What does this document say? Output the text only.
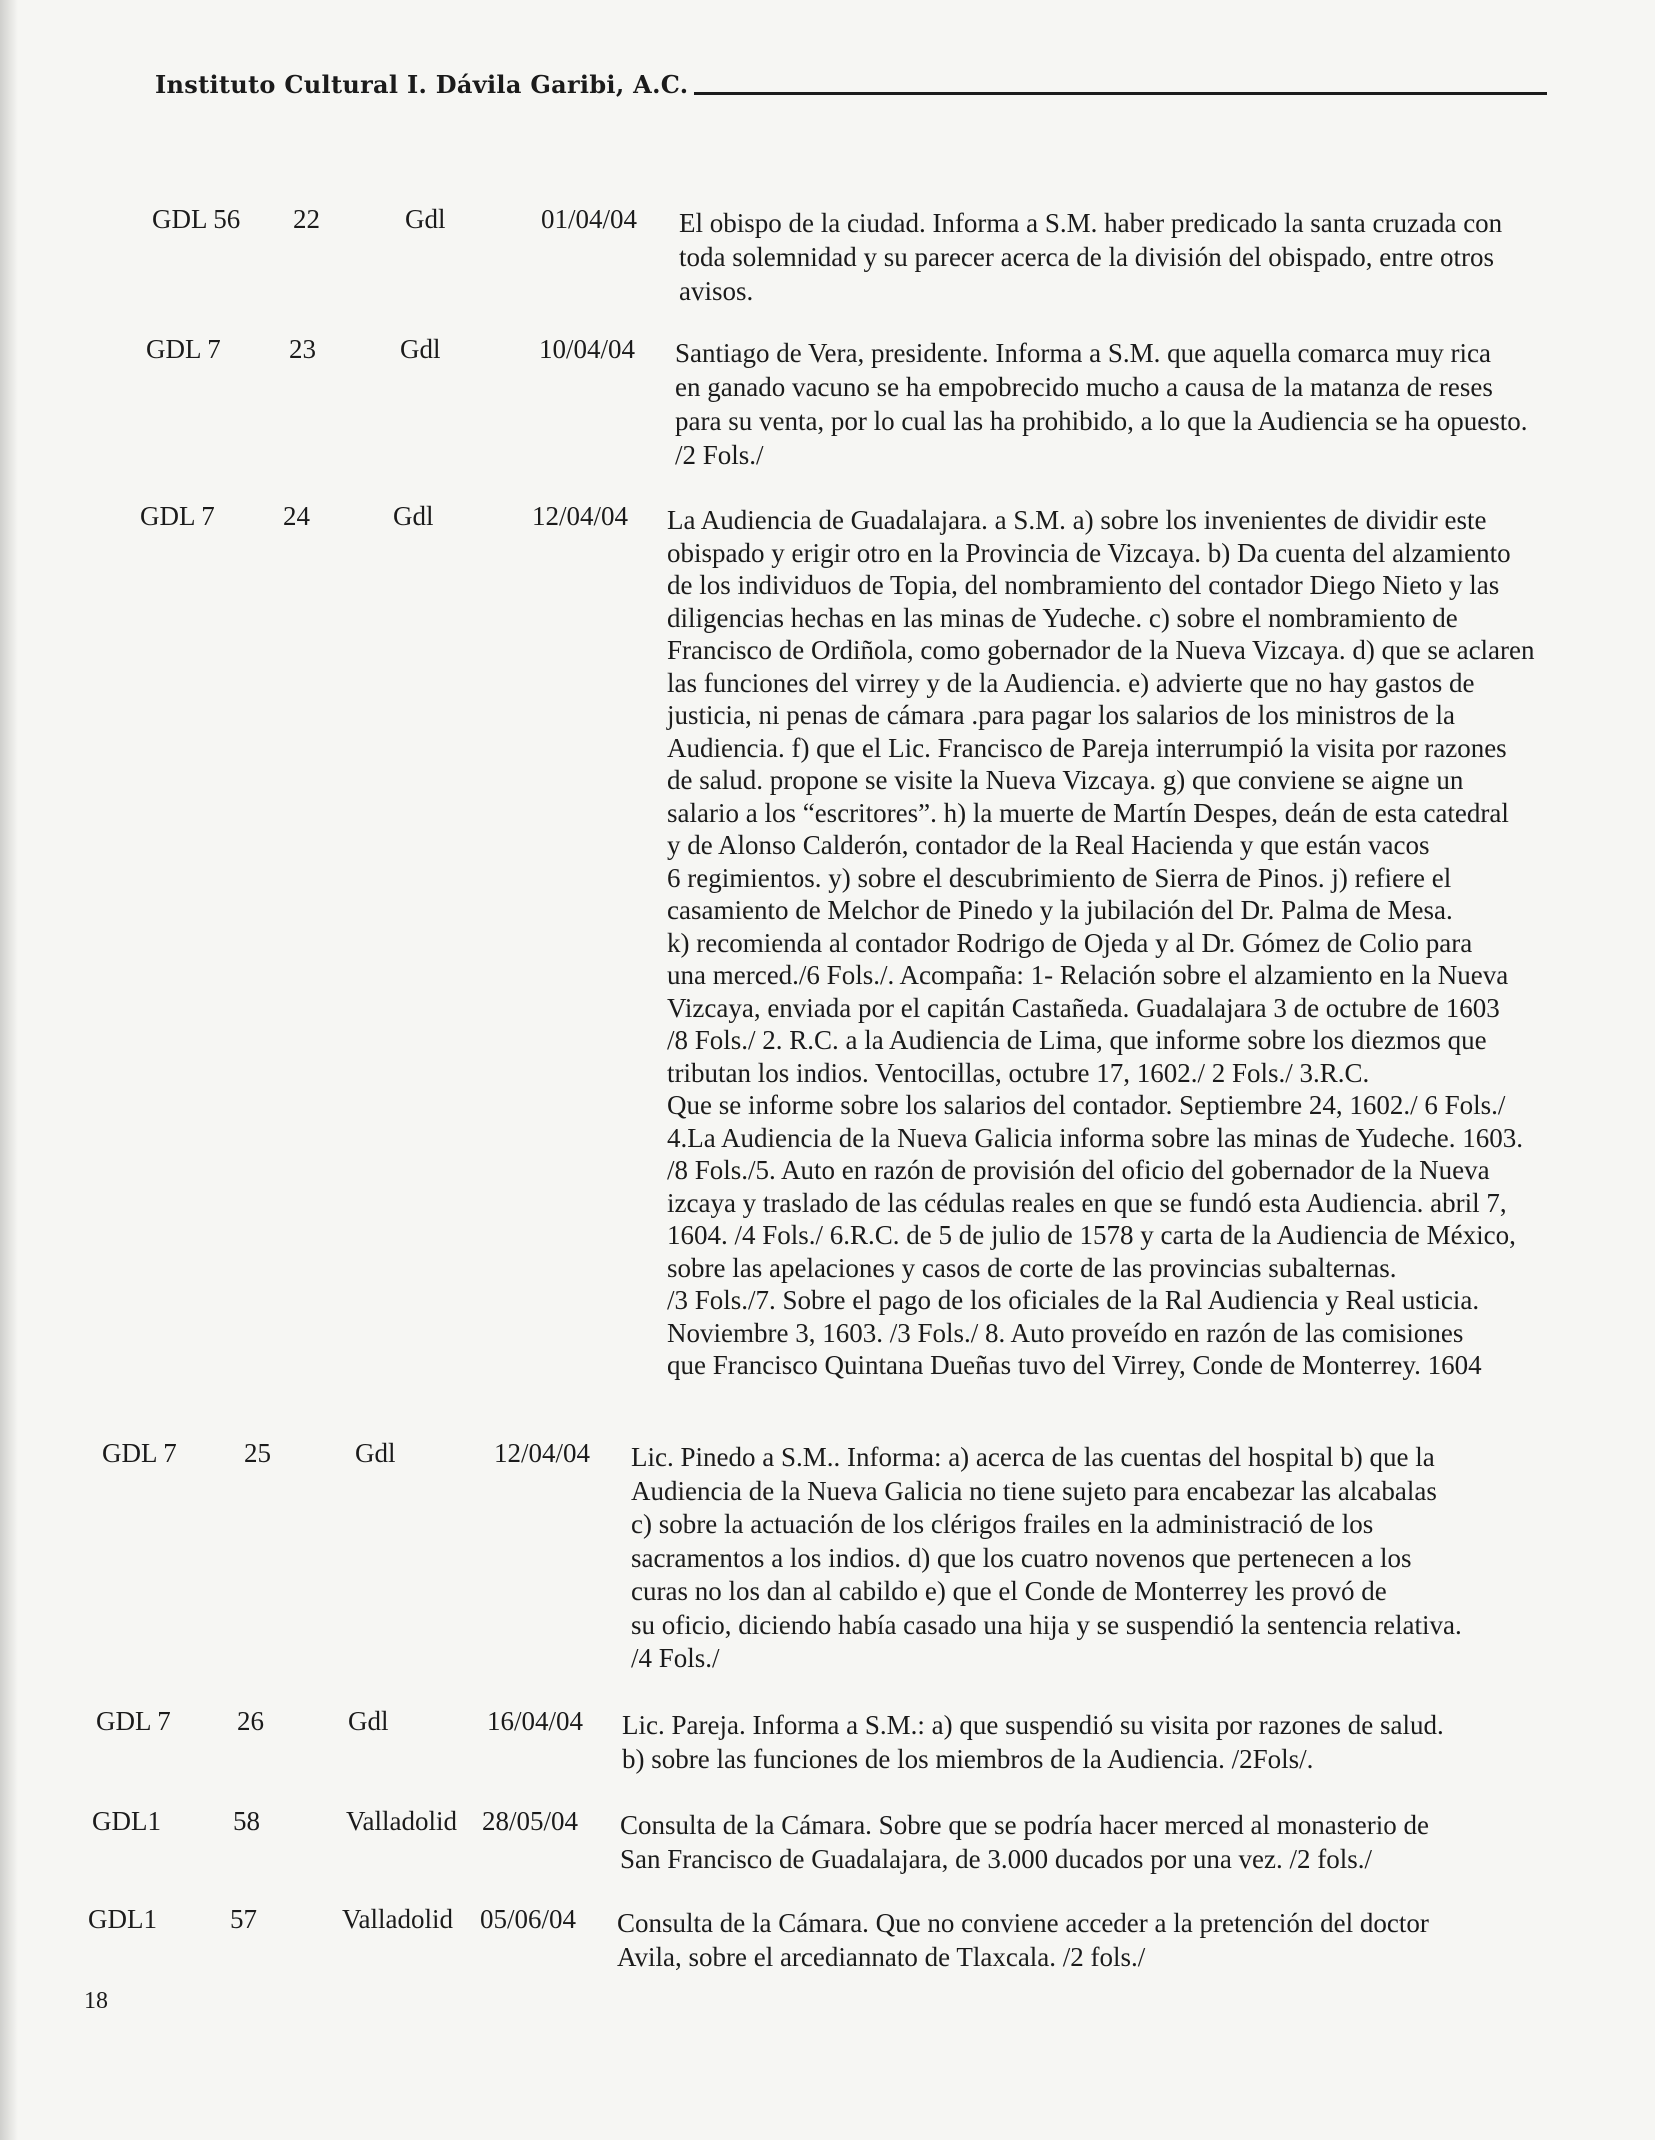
Instituto Cultural I. Dávila Garibi, A.C.
GDL 56 22	Gdl	01/04/04 El obispo de la ciudad. Informa a S.M. haber predicado la santa cruzada con
toda solemnidad y su parecer acerca de la división del obispado, entre otros
avisos.
GDL 7	23	Gdl	10/04/04 Santiago de Vera, presidente. Informa a S.M. que aquella comarca muy rica
en ganado vacuno se ha empobrecido mucho a causa de la matanza de reses
para su venta, por lo cual las ha prohibido, a lo que la Audiencia se ha opuesto.
/2 Fols./
GDL 7	24	Gdl	12/04/04 La Audiencia de Guadalajara. a S.M. a) sobre los invenientes de dividir este
obispado y erigir otro en la Provincia de Vizcaya. b) Da cuenta del alzamiento
de los individuos de Topia, del nombramiento del contador Diego Nieto y las
diligencias hechas en las minas de Yudeche. c) sobre el nombramiento de
Francisco de Ordiñola, como gobernador de la Nueva Vizcaya. d) que se aclaren
las funciones del virrey y de la Audiencia. e) advierte que no hay gastos de
justicia, ni penas de cámara .para pagar los salarios de los ministros de la
Audiencia. f) que el Lic. Francisco de Pareja interrumpió la visita por razones
de salud. propone se visite la Nueva Vizcaya. g) que conviene se aigne un
salario a los “escritores”. h) la muerte de Martín Despes, deán de esta catedral
y de Alonso Calderón, contador de la Real Hacienda y que están vacos
6 regimientos. y) sobre el descubrimiento de Sierra de Pinos. j) refiere el
casamiento de Melchor de Pinedo y la jubilación del Dr. Palma de Mesa.
k) recomienda al contador Rodrigo de Ojeda y al Dr. Gómez de Colio para
una merced./6 Fols./. Acompaña: 1- Relación sobre el alzamiento en la Nueva
Vizcaya, enviada por el capitán Castañeda. Guadalajara 3 de octubre de 1603
/8 Fols./ 2. R.C. a la Audiencia de Lima, que informe sobre los diezmos que
tributan los indios. Ventocillas, octubre 17, 1602./ 2 Fols./ 3.R.C.
Que se informe sobre los salarios del contador. Septiembre 24, 1602./ 6 Fols./
4.La Audiencia de la Nueva Galicia informa sobre las minas de Yudeche. 1603.
/8 Fols./5. Auto en razón de provisión del oficio del gobernador de la Nueva
izcaya y traslado de las cédulas reales en que se fundó esta Audiencia. abril 7,
1604. /4 Fols./ 6.R.C. de 5 de julio de 1578 y carta de la Audiencia de México,
sobre las apelaciones y casos de corte de las provincias subalternas.
/3 Fols./7. Sobre el pago de los oficiales de la Ral Audiencia y Real usticia.
Noviembre 3, 1603. /3 Fols./ 8. Auto proveído en razón de las comisiones
que Francisco Quintana Dueñas tuvo del Virrey, Conde de Monterrey. 1604
GDL 7 25	Gdl	12/04/04 Lic. Pinedo a S.M.. Informa: a) acerca de las cuentas del hospital b) que la
Audiencia de la Nueva Galicia no tiene sujeto para encabezar las alcabalas
c) sobre la actuación de los clérigos frailes en la administració de los
sacramentos a los indios. d) que los cuatro novenos que pertenecen a los
curas no los dan al cabildo e) que el Conde de Monterrey les provó de
su oficio, diciendo había casado una hija y se suspendió la sentencia relativa.
/4 Fols./
GDL 7 26	Gdl	16/04/04 Lic. Pareja. Informa a S.M.: a) que suspendió su visita por razones de salud.
b) sobre las funciones de los miembros de la Audiencia. /2Fols/.
GDL1	58	Valladolid 28/05/04 Consulta de la Cámara. Sobre que se podría hacer merced al monasterio de
San Francisco de Guadalajara, de 3.000 ducados por una vez. /2 fols./
GDL1	57	Valladolid 05/06/04 Consulta de la Cámara. Que no conviene acceder a la pretención del doctor
Avila, sobre el arcediannato de Tlaxcala. /2 fols./
18
